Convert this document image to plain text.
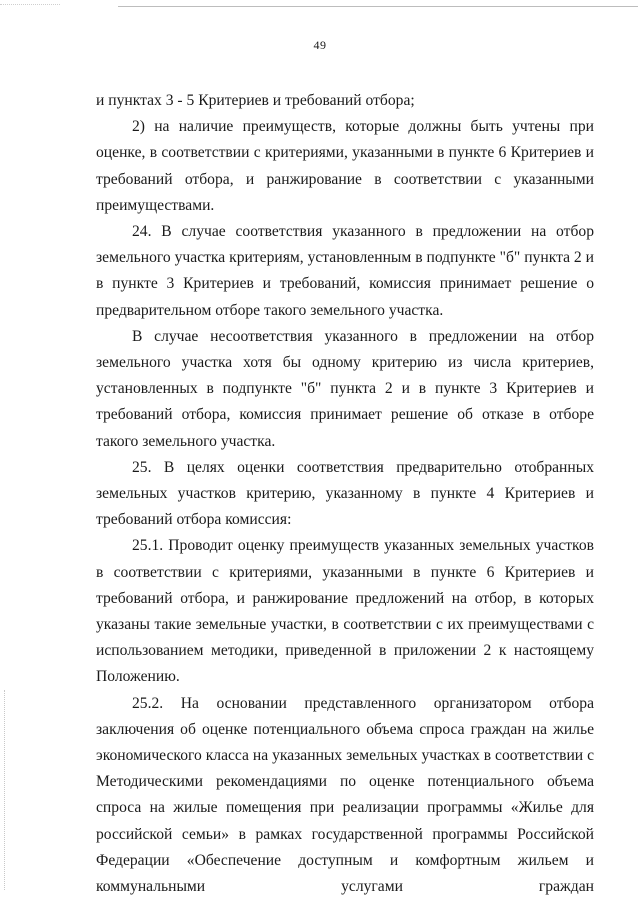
49

и пунктах 3 - 5 Критериев и требований отбора;

2) на наличие преимуществ, которые должны быть учтены при оценке, в соответствии с критериями, указанными в пункте 6 Критериев и требований отбора, и ранжирование в соответствии с указанными преимуществами.

24. В случае соответствия указанного в предложении на отбор земельного участка критериям, установленным в подпункте "б" пункта 2 и в пункте 3 Критериев и требований, комиссия принимает решение о предварительном отборе такого земельного участка.

В случае несоответствия указанного в предложении на отбор земельного участка хотя бы одному критерию из числа критериев, установленных в подпункте "б" пункта 2 и в пункте 3 Критериев и требований отбора, комиссия принимает решение об отказе в отборе такого земельного участка.

25. В целях оценки соответствия предварительно отобранных земельных участков критерию, указанному в пункте 4 Критериев и требований отбора комиссия:

25.1. Проводит оценку преимуществ указанных земельных участков в соответствии с критериями, указанными в пункте 6 Критериев и требований отбора, и ранжирование предложений на отбор, в которых указаны такие земельные участки, в соответствии с их преимуществами с использованием методики, приведенной в приложении 2 к настоящему Положению.

25.2. На основании представленного организатором отбора заключения об оценке потенциального объема спроса граждан на жилье экономического класса на указанных земельных участках в соответствии с Методическими рекомендациями по оценке потенциального объема спроса на жилые помещения при реализации программы «Жилье для российской семьи» в рамках государственной программы Российской Федерации «Обеспечение доступным и комфортным жильем и коммунальными услугами граждан
